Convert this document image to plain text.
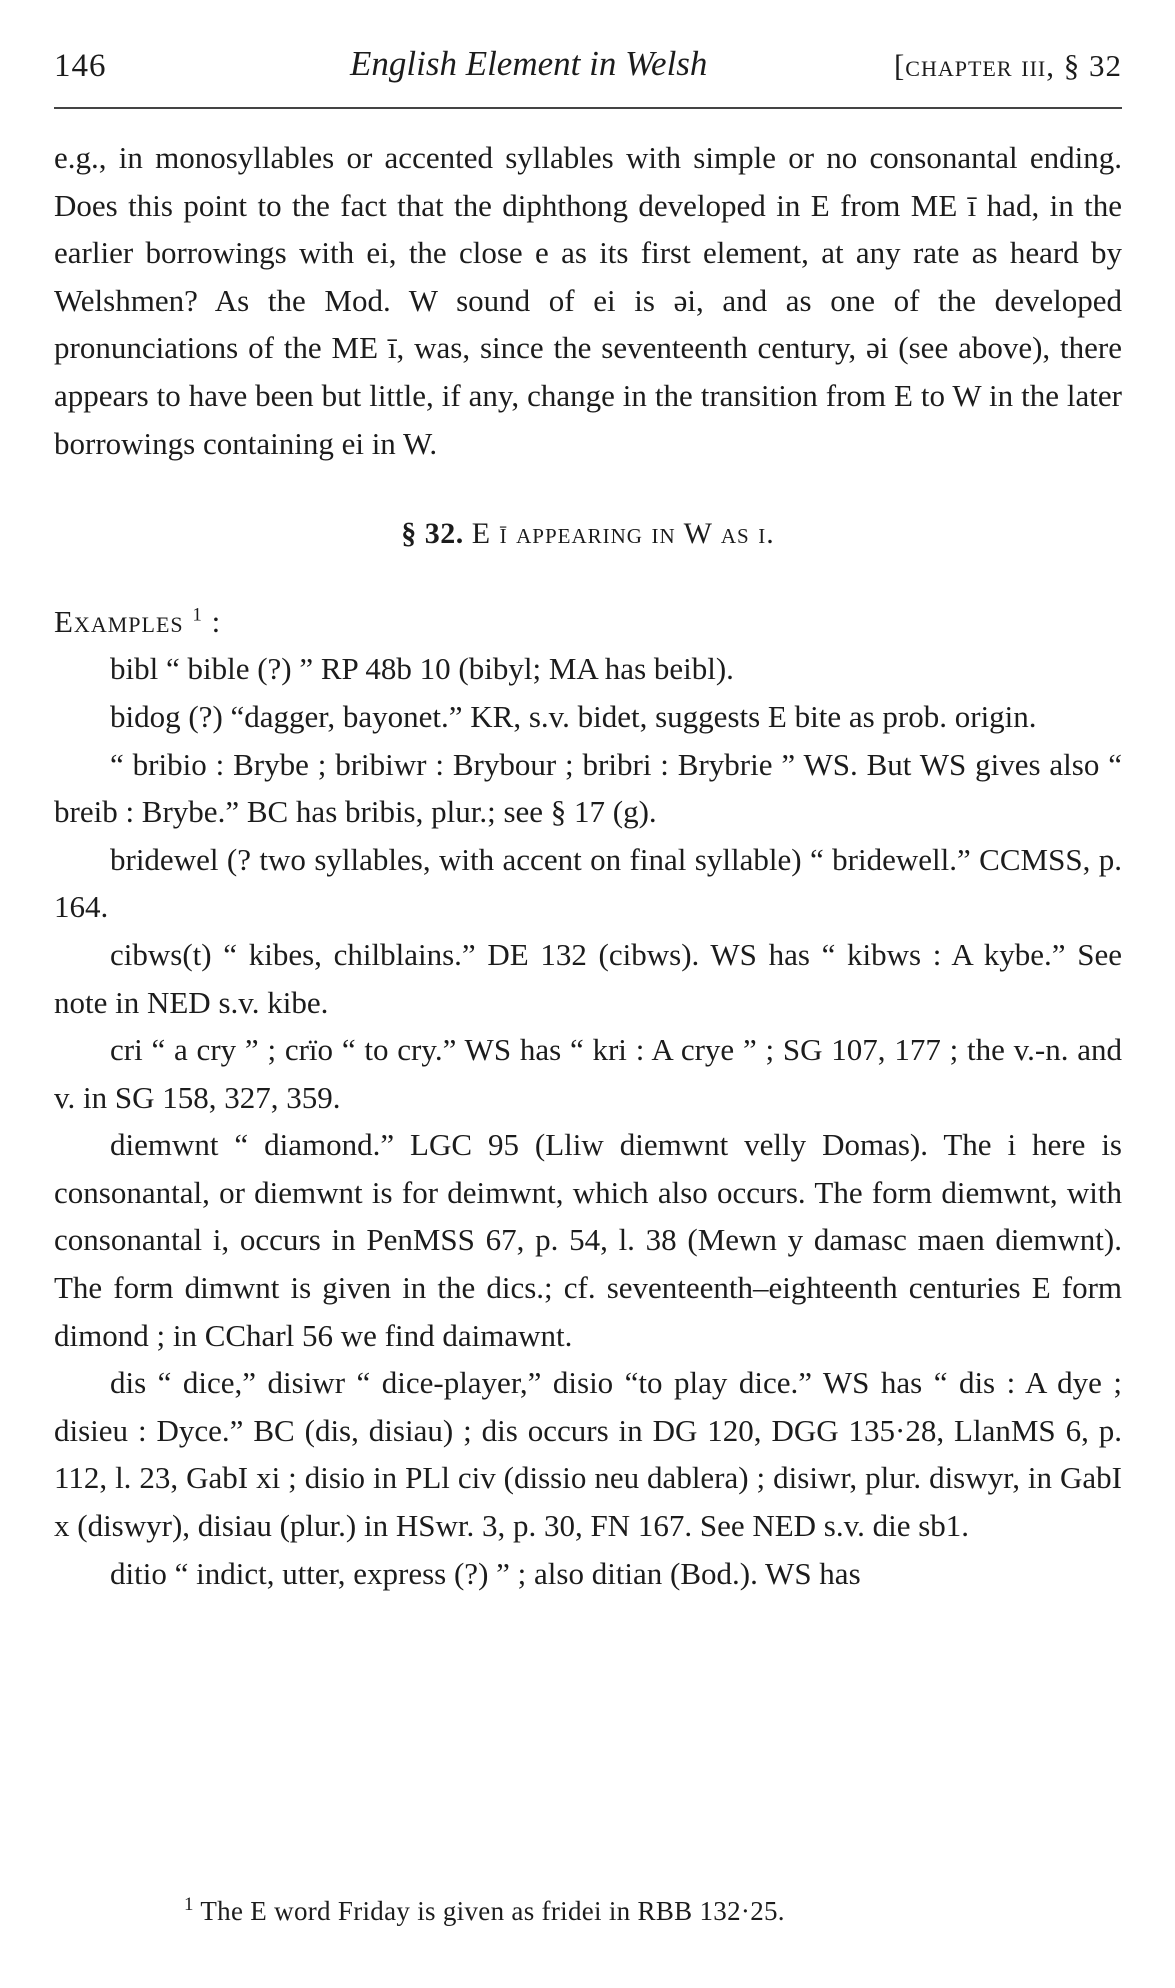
146	English Element in Welsh	[chapter iii, § 32

e.g., in monosyllables or accented syllables with simple or no consonantal ending. Does this point to the fact that the diphthong developed in E from ME ī had, in the earlier borrowings with ei, the close e as its first element, at any rate as heard by Welshmen? As the Mod. W sound of ei is əi, and as one of the developed pronunciations of the ME ī, was, since the seventeenth century, əi (see above), there appears to have been but little, if any, change in the transition from E to W in the later borrowings containing ei in W.

§ 32. E ī appearing in W as i.
Examples $^1$ :

bibl “ bible (?) ” RP 48b 10 (bibyl; MA has beibl).

bidog (?) “dagger, bayonet.” KR, s.v. bidet, suggests E bite as prob. origin.

“ bribio : Brybe ; bribiwr : Brybour ; bribri : Brybrie ” WS. But WS gives also “ breib : Brybe.” BC has bribis, plur.; see § 17 (g).

bridewel (? two syllables, with accent on final syllable) “ bridewell.” CCMSS, p. 164.

cibws(t) “ kibes, chilblains.” DE 132 (cibws). WS has “ kibws : A kybe.” See note in NED s.v. kibe.

cri “ a cry ” ; crïo “ to cry.” WS has “ kri : A crye ” ; SG 107, 177 ; the v.-n. and v. in SG 158, 327, 359.

diemwnt “ diamond.” LGC 95 (Lliw diemwnt velly Domas). The i here is consonantal, or diemwnt is for deimwnt, which also occurs. The form diemwnt, with consonantal i, occurs in PenMSS 67, p. 54, l. 38 (Mewn y damasc maen diemwnt). The form dimwnt is given in the dics.; cf. seventeenth–eighteenth centuries E form dimond ; in CCharl 56 we find daimawnt.

dis “ dice,” disiwr “ dice-player,” disio “to play dice.” WS has “ dis : A dye ; disieu : Dyce.” BC (dis, disiau) ; dis occurs in DG 120, DGG 135·28, LlanMS 6, p. 112, l. 23, GabI xi ; disio in PLl civ (dissio neu dablera) ; disiwr, plur. diswyr, in GabI x (diswyr), disiau (plur.) in HSwr. 3, p. 30, FN 167. See NED s.v. die sb1.

ditio “ indict, utter, express (?) ” ; also ditian (Bod.). WS has

$^1$ The E word Friday is given as fridei in RBB 132·25.
